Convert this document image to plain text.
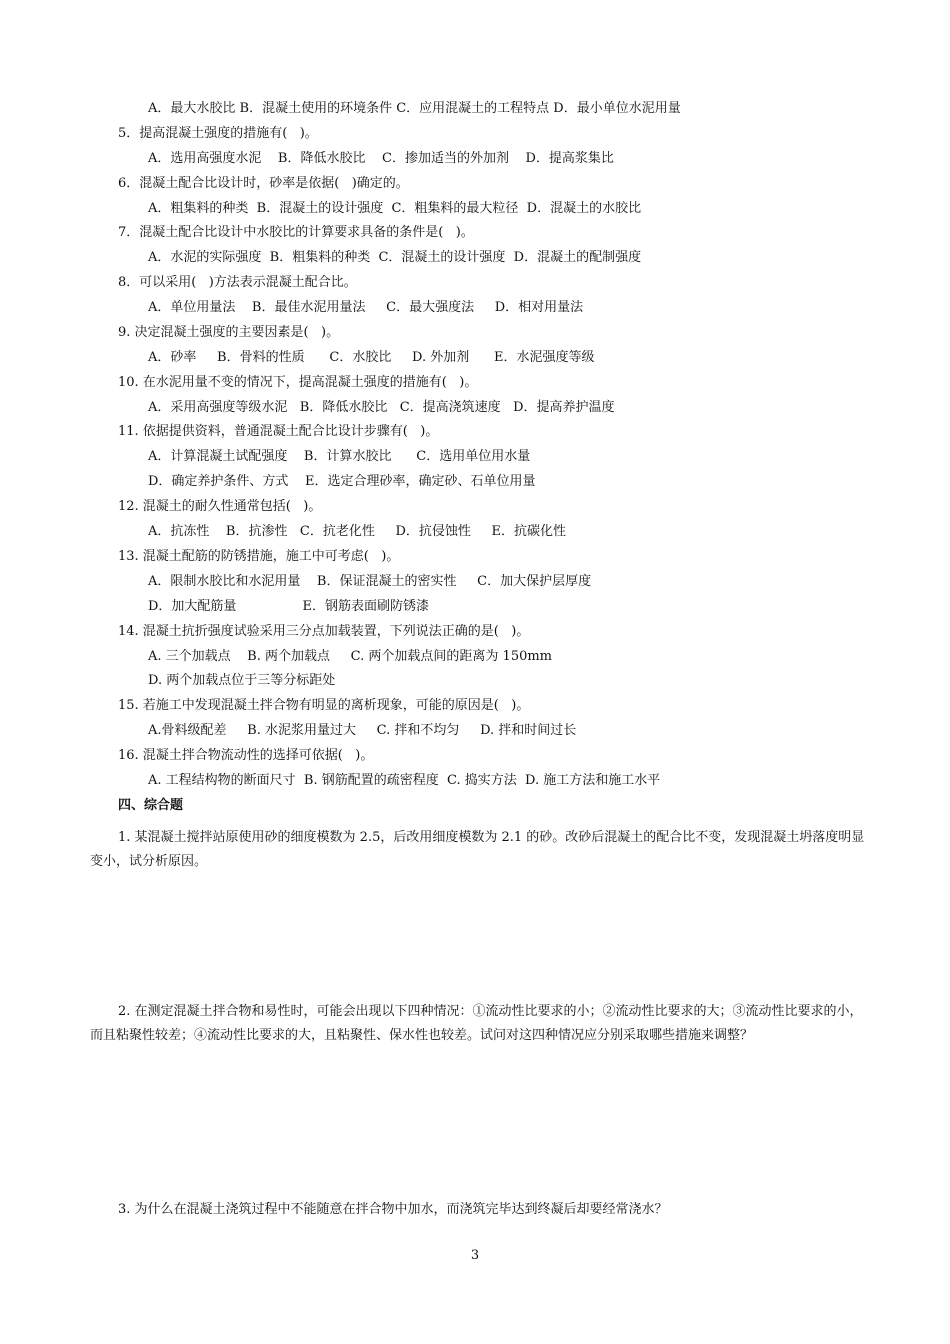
A．最大水胶比 B．混凝土使用的环境条件 C．应用混凝土的工程特点 D．最小单位水泥用量
5．提高混凝土强度的措施有(   )。
A．选用高强度水泥    B．降低水胶比    C．掺加适当的外加剂    D．提高浆集比
6．混凝土配合比设计时，砂率是依据(   )确定的。
A．粗集料的种类  B．混凝土的设计强度  C．粗集料的最大粒径  D．混凝土的水胶比
7．混凝土配合比设计中水胶比的计算要求具备的条件是(   )。
A．水泥的实际强度  B．粗集料的种类  C．混凝土的设计强度  D．混凝土的配制强度
8．可以采用(   )方法表示混凝土配合比。
A．单位用量法    B．最佳水泥用量法     C．最大强度法     D．相对用量法
9. 决定混凝土强度的主要因素是(   )。
A．砂率     B．骨料的性质      C．水胶比     D. 外加剂      E．水泥强度等级
10. 在水泥用量不变的情况下，提高混凝土强度的措施有(   )。
A．采用高强度等级水泥   B．降低水胶比   C．提高浇筑速度   D．提高养护温度
11. 依据提供资料，普通混凝土配合比设计步骤有(   )。
A．计算混凝土试配强度    B．计算水胶比      C．选用单位用水量
D．确定养护条件、方式    E．选定合理砂率，确定砂、石单位用量
12. 混凝土的耐久性通常包括(   )。
A．抗冻性    B．抗渗性   C．抗老化性     D．抗侵蚀性     E．抗碳化性
13. 混凝土配筋的防锈措施，施工中可考虑(   )。
A．限制水胶比和水泥用量    B．保证混凝土的密实性     C．加大保护层厚度
D．加大配筋量                E．钢筋表面刷防锈漆
14. 混凝土抗折强度试验采用三分点加载装置，下列说法正确的是(   )。
A. 三个加载点    B. 两个加载点     C. 两个加载点间的距离为 150mm
D. 两个加载点位于三等分标距处
15. 若施工中发现混凝土拌合物有明显的离析现象，可能的原因是(   )。
A.骨料级配差     B. 水泥浆用量过大     C. 拌和不均匀     D. 拌和时间过长
16. 混凝土拌合物流动性的选择可依据(   )。
A. 工程结构物的断面尺寸  B. 钢筋配置的疏密程度  C. 捣实方法  D. 施工方法和施工水平
四、综合题
1. 某混凝土搅拌站原使用砂的细度模数为 2.5，后改用细度模数为 2.1 的砂。改砂后混凝土的配合比不变，发现混凝土坍落度明显变小，试分析原因。
2. 在测定混凝土拌合物和易性时，可能会出现以下四种情况：①流动性比要求的小；②流动性比要求的大；③流动性比要求的小，而且粘聚性较差；④流动性比要求的大，且粘聚性、保水性也较差。试问对这四种情况应分别采取哪些措施来调整？
3. 为什么在混凝土浇筑过程中不能随意在拌合物中加水，而浇筑完毕达到终凝后却要经常浇水？
3
